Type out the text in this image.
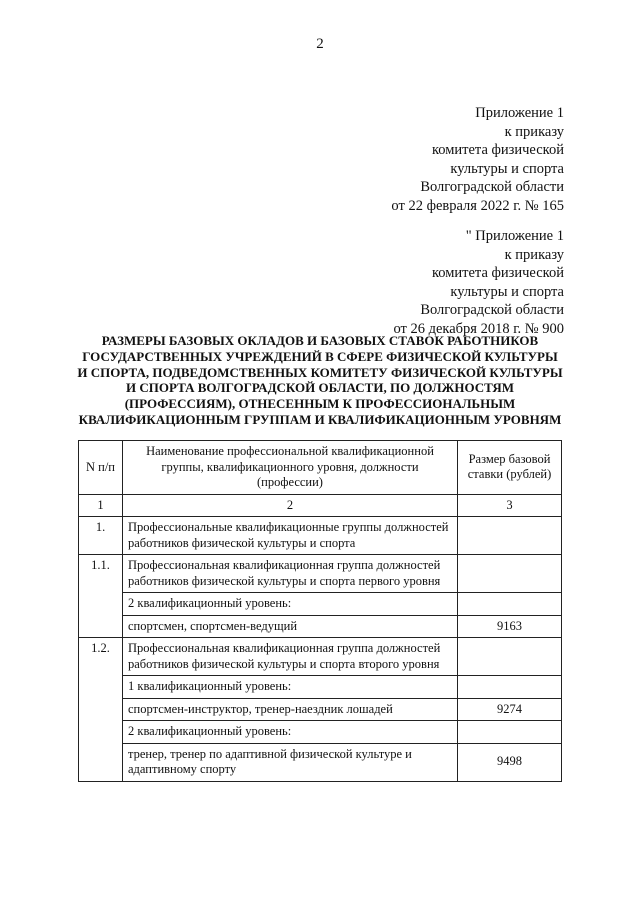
2
Приложение 1
к приказу
комитета физической
культуры и спорта
Волгоградской области
от 22 февраля 2022 г. № 165
" Приложение 1
к приказу
комитета физической
культуры и спорта
Волгоградской области
от 26 декабря 2018 г. № 900
РАЗМЕРЫ БАЗОВЫХ ОКЛАДОВ И БАЗОВЫХ СТАВОК РАБОТНИКОВ
ГОСУДАРСТВЕННЫХ УЧРЕЖДЕНИЙ В СФЕРЕ ФИЗИЧЕСКОЙ КУЛЬТУРЫ
И СПОРТА, ПОДВЕДОМСТВЕННЫХ КОМИТЕТУ ФИЗИЧЕСКОЙ КУЛЬТУРЫ
И СПОРТА ВОЛГОГРАДСКОЙ ОБЛАСТИ, ПО ДОЛЖНОСТЯМ
(ПРОФЕССИЯМ), ОТНЕСЕННЫМ К ПРОФЕССИОНАЛЬНЫМ
КВАЛИФИКАЦИОННЫМ ГРУППАМ И КВАЛИФИКАЦИОННЫМ УРОВНЯМ
N п/п	Наименование профессиональной квалификационной группы, квалификационного уровня, должности (профессии)	Размер базовой ставки (рублей)
1	2	3
1.	Профессиональные квалификационные группы должностей работников физической культуры и спорта	
1.1.	Профессиональная квалификационная группа должностей работников физической культуры и спорта первого уровня	
	2 квалификационный уровень:	
	спортсмен, спортсмен-ведущий	9163
1.2.	Профессиональная квалификационная группа должностей работников физической культуры и спорта второго уровня	
	1 квалификационный уровень:	
	спортсмен-инструктор, тренер-наездник лошадей	9274
	2 квалификационный уровень:	
	тренер, тренер по адаптивной физической культуре и адаптивному спорту	9498
